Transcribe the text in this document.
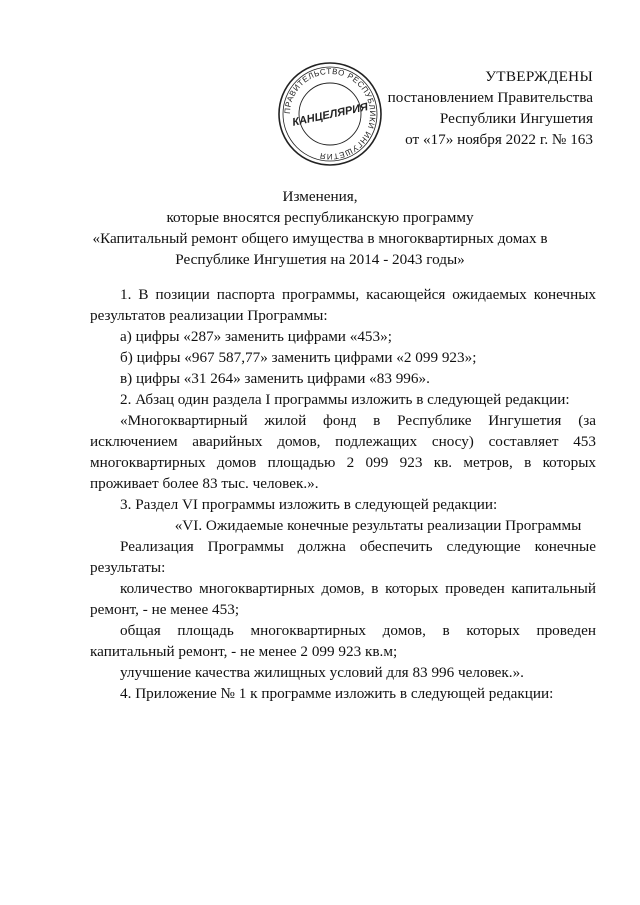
ПРАВИТЕЛЬСТВО РЕСПУБЛИКИ ИНГУШЕТИЯ
КАНЦЕЛЯРИЯ
УТВЕРЖДЕНЫ
постановлением Правительства
Республики Ингушетия
от «17» ноября 2022 г. № 163
Изменения,
которые вносятся республиканскую программу
«Капитальный ремонт общего имущества в многоквартирных домах в
Республике Ингушетия на 2014 - 2043 годы»

1. В позиции паспорта программы, касающейся ожидаемых конечных результатов реализации Программы:

а) цифры «287» заменить цифрами «453»;

б) цифры «967 587,77» заменить цифрами «2 099 923»;

в) цифры «31 264» заменить цифрами «83 996».

2. Абзац один раздела I программы изложить в следующей редакции:

«Многоквартирный жилой фонд в Республике Ингушетия (за исключением аварийных домов, подлежащих сносу) составляет 453 многоквартирных домов площадью 2 099 923 кв. метров, в которых проживает более 83 тыс. человек.».

3. Раздел VI программы изложить в следующей редакции:

«VI. Ожидаемые конечные результаты реализации Программы

Реализация Программы должна обеспечить следующие конечные результаты:

количество многоквартирных домов, в которых проведен капитальный ремонт, - не менее 453;

общая площадь многоквартирных домов, в которых проведен капитальный ремонт, - не менее 2 099 923 кв.м;

улучшение качества жилищных условий для 83 996 человек.».

4. Приложение № 1 к программе изложить в следующей редакции:
